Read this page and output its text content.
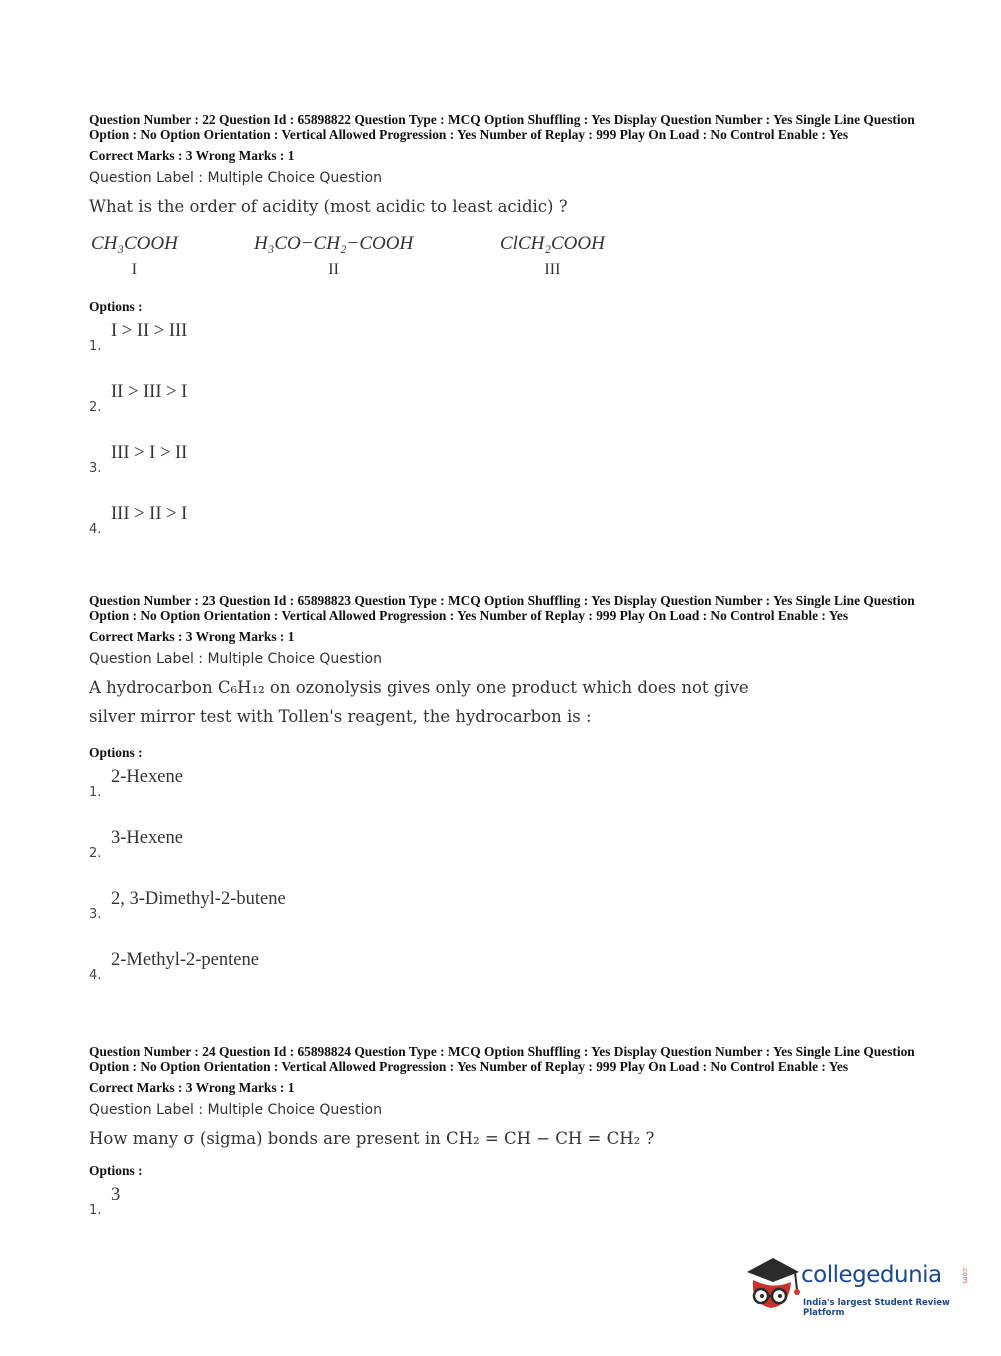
Question Number : 22 Question Id : 65898822 Question Type : MCQ Option Shuffling : Yes Display Question Number : Yes Single Line Question Option : No Option Orientation : Vertical Allowed Progression : Yes Number of Replay : 999 Play On Load : No Control Enable : Yes

Correct Marks : 3 Wrong Marks : 1
Question Label : Multiple Choice Question
What is the order of acidity (most acidic to least acidic) ?
CH₃COOH
I
H₃CO−CH₂−COOH
II
ClCH₂COOH
III
Options :
1.
I > II > III
2.
II > III > I
3.
III > I > II
4.
III > II > I

Question Number : 23 Question Id : 65898823 Question Type : MCQ Option Shuffling : Yes Display Question Number : Yes Single Line Question Option : No Option Orientation : Vertical Allowed Progression : Yes Number of Replay : 999 Play On Load : No Control Enable : Yes

Correct Marks : 3 Wrong Marks : 1
Question Label : Multiple Choice Question
A hydrocarbon C₆H₁₂ on ozonolysis gives only one product which does not give silver mirror test with Tollen's reagent, the hydrocarbon is :
Options :
1.
2-Hexene
2.
3-Hexene
3.
2, 3-Dimethyl-2-butene
4.
2-Methyl-2-pentene

Question Number : 24 Question Id : 65898824 Question Type : MCQ Option Shuffling : Yes Display Question Number : Yes Single Line Question Option : No Option Orientation : Vertical Allowed Progression : Yes Number of Replay : 999 Play On Load : No Control Enable : Yes

Correct Marks : 3 Wrong Marks : 1
Question Label : Multiple Choice Question
How many σ (sigma) bonds are present in CH₂ = CH − CH = CH₂ ?
Options :
1.
3
collegedunia	.com
India's largest Student Review Platform
